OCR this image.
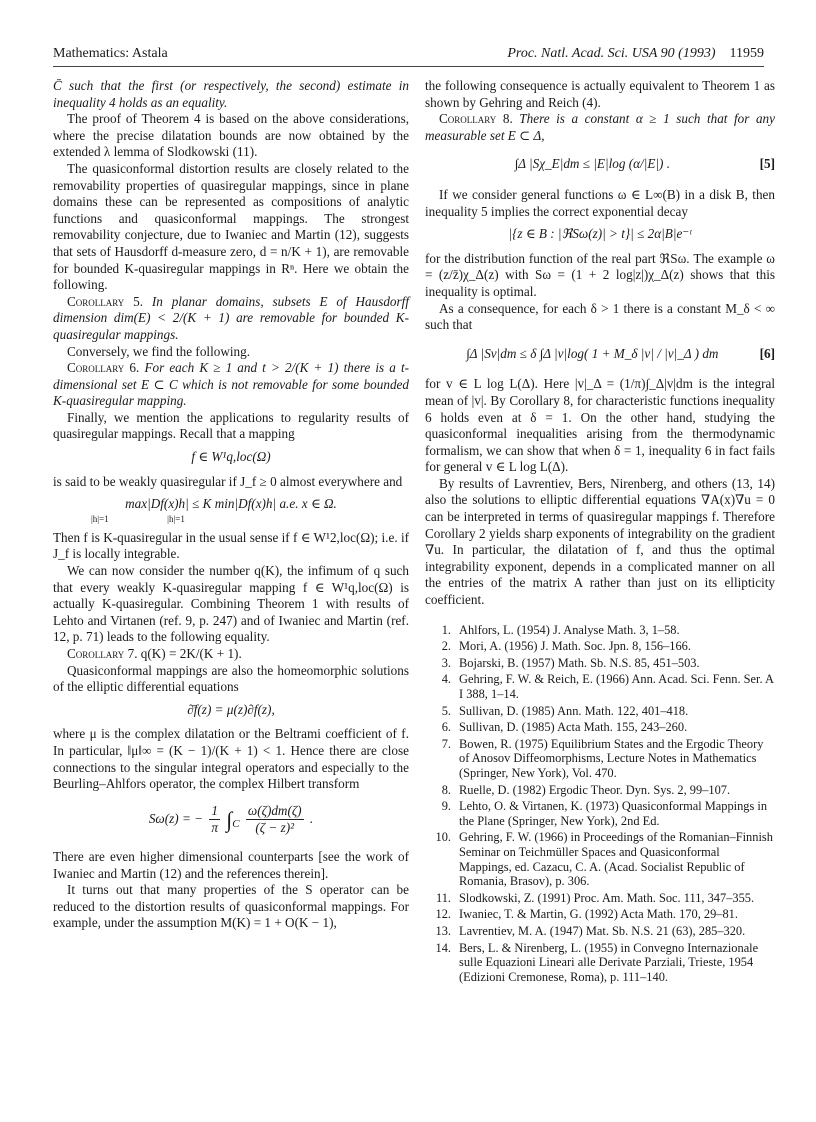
Mathematics: Astala	Proc. Natl. Acad. Sci. USA 90 (1993) 11959

C̄ such that the first (or respectively, the second) estimate in inequality 4 holds as an equality.

The proof of Theorem 4 is based on the above considerations, where the precise dilatation bounds are now obtained by the extended λ lemma of Slodkowski (11).

The quasiconformal distortion results are closely related to the removability properties of quasiregular mappings, since in plane domains these can be represented as compositions of analytic functions and quasiconformal mappings. The strongest removability conjecture, due to Iwaniec and Martin (12), suggests that sets of Hausdorff d-measure zero, d = n/K + 1), are removable for bounded K-quasiregular mappings in Rⁿ. Here we obtain the following.

Corollary 5. In planar domains, subsets E of Hausdorff dimension dim(E) < 2/(K + 1) are removable for bounded K-quasiregular mappings.

Conversely, we find the following.

Corollary 6. For each K ≥ 1 and t > 2/(K + 1) there is a t-dimensional set E ⊂ C which is not removable for some bounded K-quasiregular mapping.

Finally, we mention the applications to regularity results of quasiregular mappings. Recall that a mapping

f ∈ W¹q,loc(Ω)

is said to be weakly quasiregular if J_f ≥ 0 almost everywhere and

max|Df(x)h| ≤ K min|Df(x)h| a.e. x ∈ Ω.
|h|=1                          |h|=1

Then f is K-quasiregular in the usual sense if f ∈ W¹2,loc(Ω); i.e. if J_f is locally integrable.

We can now consider the number q(K), the infimum of q such that every weakly K-quasiregular mapping f ∈ W¹q,loc(Ω) is actually K-quasiregular. Combining Theorem 1 with results of Lehto and Virtanen (ref. 9, p. 247) and of Iwaniec and Martin (ref. 12, p. 71) leads to the following equality.

Corollary 7. q(K) = 2K/(K + 1).

Quasiconformal mappings are also the homeomorphic solutions of the elliptic differential equations

∂̄f(z) = μ(z)∂f(z),

where μ is the complex dilatation or the Beltrami coefficient of f. In particular, ‖μ‖∞ = (K − 1)/(K + 1) < 1. Hence there are close connections to the singular integral operators and especially to the Beurling–Ahlfors operator, the complex Hilbert transform

Sω(z) = − $\frac{1}{\pi} \int_C \frac{\omega(\zeta)dm(\zeta)}{\text{(ζ − z)²}}$ .

There are even higher dimensional counterparts [see the work of Iwaniec and Martin (12) and the references therein].

It turns out that many properties of the S operator can be reduced to the distortion results of quasiconformal mappings. For example, under the assumption M(K) = 1 + O(K − 1),

the following consequence is actually equivalent to Theorem 1 as shown by Gehring and Reich (4).

Corollary 8. There is a constant α ≥ 1 such that for any measurable set E ⊂ Δ,

∫Δ |Sχ_E|dm ≤ |E|log (α/|E|) .	[5]

If we consider general functions ω ∈ L∞(B) in a disk B, then inequality 5 implies the correct exponential decay

|{z ∈ B : |ℜSω(z)| > t}| ≤ 2α|B|e⁻ᵗ

for the distribution function of the real part ℜSω. The example ω = (z/z̄)χ_Δ(z) with Sω = (1 + 2 log|z|)χ_Δ(z) shows that this inequality is optimal.

As a consequence, for each δ > 1 there is a constant M_δ < ∞ such that

∫Δ |Sv|dm ≤ δ ∫Δ |v|log( 1 + M_δ |v| / |v|_Δ ) dm	[6]

for v ∈ L log L(Δ). Here |v|_Δ = (1/π)∫_Δ|v|dm is the integral mean of |v|. By Corollary 8, for characteristic functions inequality 6 holds even at δ = 1. On the other hand, studying the quasiconformal inequalities arising from the thermodynamic formalism, we can show that when δ = 1, inequality 6 in fact fails for general v ∈ L log L(Δ).

By results of Lavrentiev, Bers, Nirenberg, and others (13, 14) also the solutions to elliptic differential equations ∇A(x)∇u = 0 can be interpreted in terms of quasiregular mappings f. Therefore Corollary 2 yields sharp exponents of integrability on the gradient ∇u. In particular, the dilatation of f, and thus the optimal integrability exponent, depends in a complicated manner on all the entries of the matrix A rather than just on its ellipticity coefficient.

1. Ahlfors, L. (1954) J. Analyse Math. 3, 1–58.
2. Mori, A. (1956) J. Math. Soc. Jpn. 8, 156–166.
3. Bojarski, B. (1957) Math. Sb. N.S. 85, 451–503.
4. Gehring, F. W. & Reich, E. (1966) Ann. Acad. Sci. Fenn. Ser. A I 388, 1–14.
5. Sullivan, D. (1985) Ann. Math. 122, 401–418.
6. Sullivan, D. (1985) Acta Math. 155, 243–260.
7. Bowen, R. (1975) Equilibrium States and the Ergodic Theory of Anosov Diffeomorphisms, Lecture Notes in Mathematics (Springer, New York), Vol. 470.
8. Ruelle, D. (1982) Ergodic Theor. Dyn. Sys. 2, 99–107.
9. Lehto, O. & Virtanen, K. (1973) Quasiconformal Mappings in the Plane (Springer, New York), 2nd Ed.
10. Gehring, F. W. (1966) in Proceedings of the Romanian–Finnish Seminar on Teichmüller Spaces and Quasiconformal Mappings, ed. Cazacu, C. A. (Acad. Socialist Republic of Romania, Brasov), p. 306.
11. Slodkowski, Z. (1991) Proc. Am. Math. Soc. 111, 347–355.
12. Iwaniec, T. & Martin, G. (1992) Acta Math. 170, 29–81.
13. Lavrentiev, M. A. (1947) Mat. Sb. N.S. 21 (63), 285–320.
14. Bers, L. & Nirenberg, L. (1955) in Convegno Internazionale sulle Equazioni Lineari alle Derivate Parziali, Trieste, 1954 (Edizioni Cremonese, Roma), p. 111–140.
